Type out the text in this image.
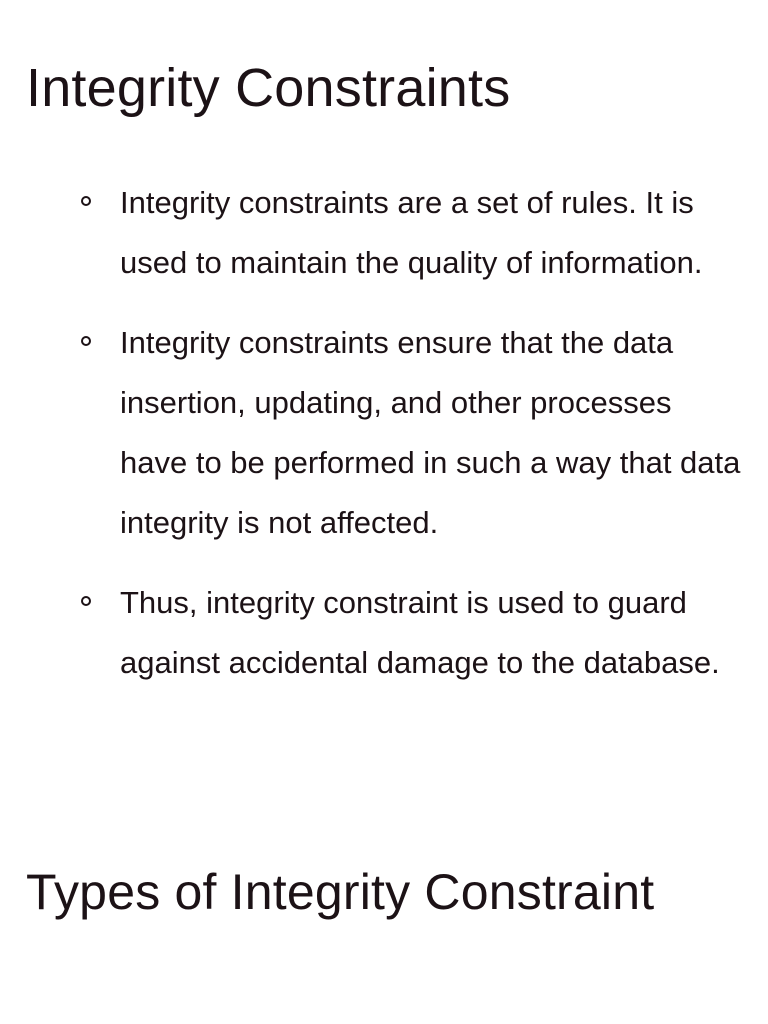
Integrity Constraints
Integrity constraints are a set of rules. It is used to maintain the quality of information.
Integrity constraints ensure that the data insertion, updating, and other processes have to be performed in such a way that data integrity is not affected.
Thus, integrity constraint is used to guard against accidental damage to the database.
Types of Integrity Constraint
